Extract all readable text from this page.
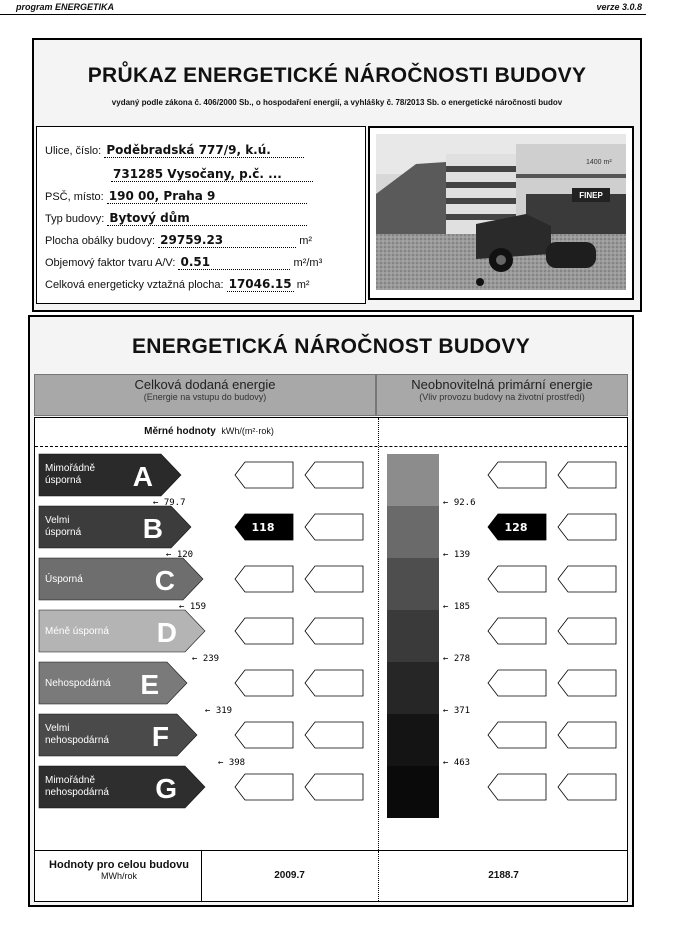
program ENERGETIKA	verze 3.0.8
PRŮKAZ ENERGETICKÉ NÁROČNOSTI BUDOVY
vydaný podle zákona č. 406/2000 Sb., o hospodaření energií, a vyhlášky č. 78/2013 Sb. o energetické náročnosti budov
Ulice, číslo: Poděbradská 777/9, k.ú.
731285 Vysočany, p.č. ...
PSČ, místo: 190 00, Praha 9
Typ budovy: Bytový dům
Plocha obálky budovy: 29759.23	m²
Objemový faktor tvaru A/V: 0.51	m²/m³
Celková energeticky vztažná plocha: 17046.15 m²
FINEP
1400 m²
ENERGETICKÁ NÁROČNOST BUDOVY
Celková dodaná energie
(Energie na vstupu do budovy)
Neobnovitelná primární energie
(Vliv provozu budovy na životní prostředí)
Měrné hodnoty kWh/(m²·rok)
Mimořádně
úsporná A
Velmi
úsporná B	118	128
Úsporná	C
Méně úsporná D
Nehospodárná E
Velmi
nehospodárná F
Mimořádně
nehospodárná G
← 79.7
← 120
← 159
← 239
← 319
← 398
← 92.6
← 139
← 185
← 278
← 371
← 463
Hodnoty pro celou budovu
MWh/rok	2009.7	2188.7
